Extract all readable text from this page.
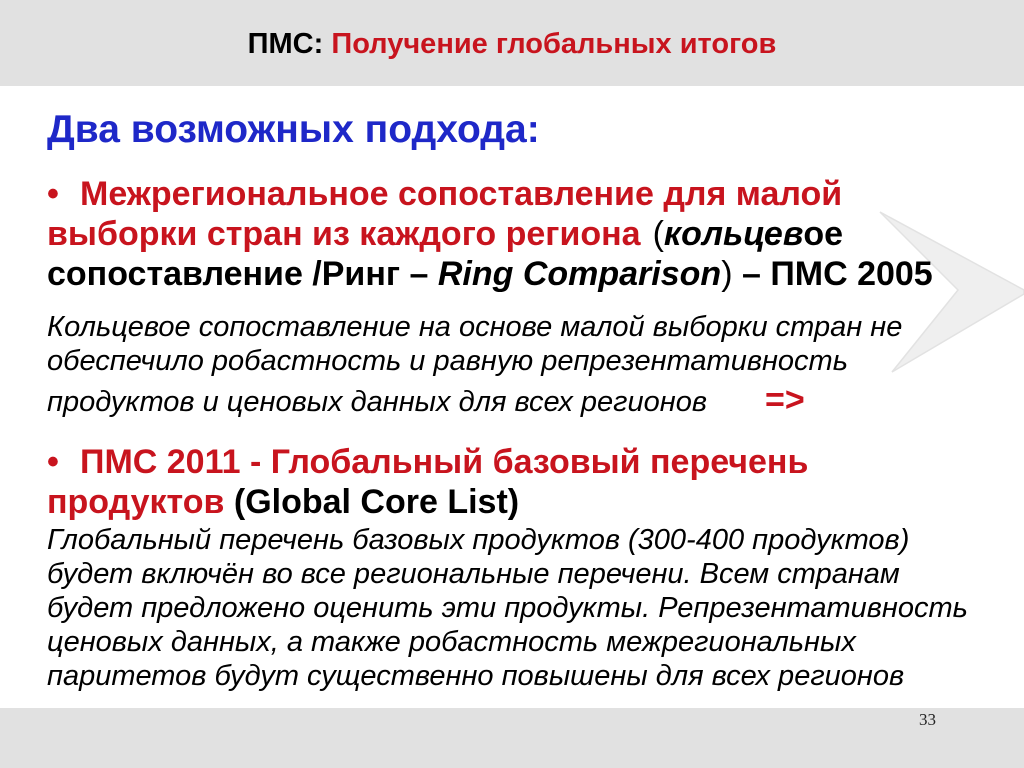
ПМС: Получение глобальных итогов
Два возможных подхода:
• Межрегиональное сопоставление для малой
выборки стран из каждого региона (кольцевое
сопоставление /Ринг – Ring Comparison) – ПМС 2005
Кольцевое сопоставление на основе малой выборки стран не
обеспечило робастность и равную репрезентативность
продуктов и ценовых данных для всех регионов =>
• ПМС 2011 - Глобальный базовый перечень
продуктов (Global Core List)
Глобальный перечень базовых продуктов (300-400 продуктов)
будет включён во все региональные перечени. Всем странам
будет предложено оценить эти продукты. Репрезентативность
ценовых данных, а также робастность межрегиональных
паритетов будут существенно повышены для всех регионов
33
